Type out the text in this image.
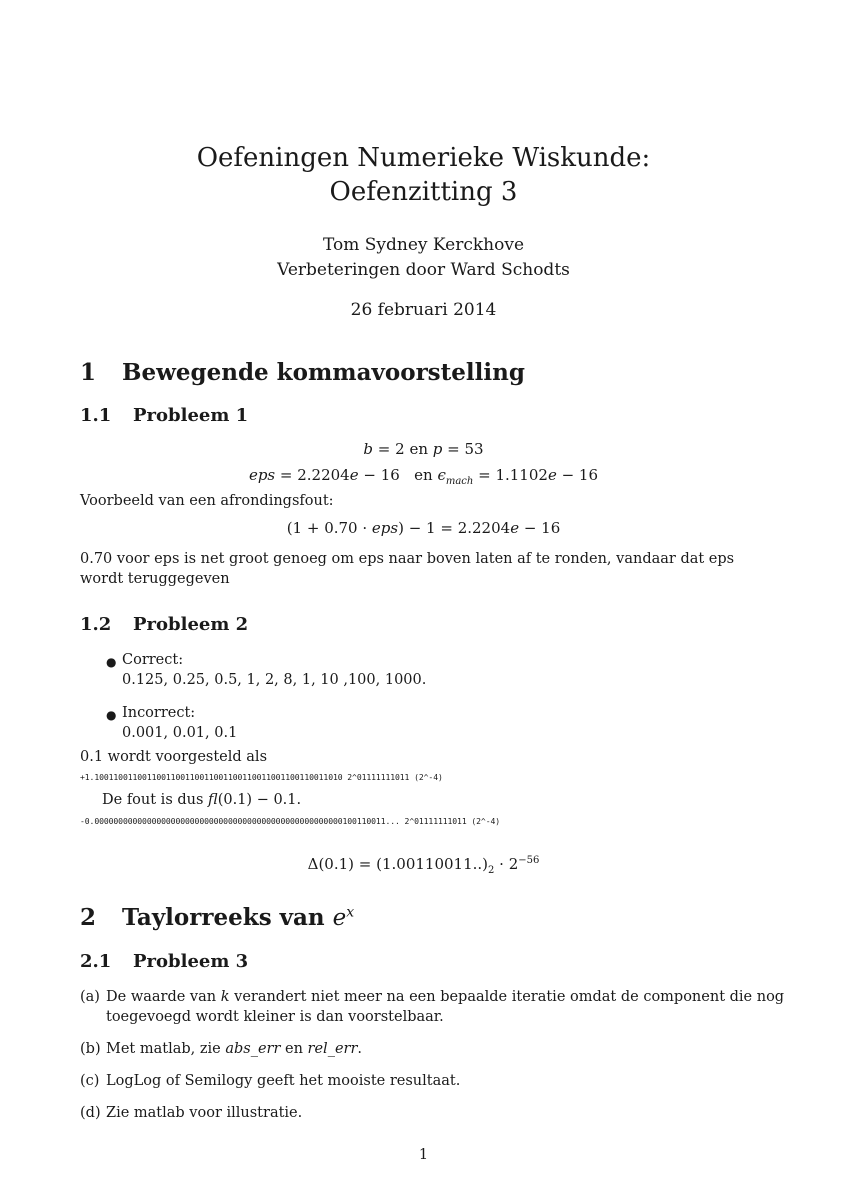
Oefeningen Numerieke Wiskunde:
Oefenzitting 3
Tom Sydney Kerckhove
Verbeteringen door Ward Schodts
26 februari 2014
1 Bewegende kommavoorstelling
1.1 Probleem 1
b = 2 en p = 53
eps = 2.2204e − 16   en $\epsilon_{mach} = 1.1102e - 16$
Voorbeeld van een afrondingsfout:
(1 + 0.70 · eps) − 1 = 2.2204e − 16
0.70 voor eps is net groot genoeg om eps naar boven laten af te ronden, vandaar dat eps wordt teruggegeven
1.2 Probleem 2
● Correct:
0.125, 0.25, 0.5, 1, 2, 8, 1, 10 ,100, 1000.
● Incorrect:
0.001, 0.01, 0.1
0.1 wordt voorgesteld als
+1.1001100110011001100110011001100110011001100110011010 2^01111111011 (2^-4)
De fout is dus fl(0.1) − 0.1.
-0.0000000000000000000000000000000000000000000000000000100110011... 2^01111111011 (2^-4)
$\Delta(0.1) = (1.00110011..)_2 \cdot 2^{-56}$
2 Taylorreeks van $e^x$
2.1 Probleem 3
(a) De waarde van k verandert niet meer na een bepaalde iteratie omdat de component die nog
toegevoegd wordt kleiner is dan voorstelbaar.
(b) Met matlab, zie abs_err en rel_err.
(c) LogLog of Semilogy geeft het mooiste resultaat.
(d) Zie matlab voor illustratie.
1
